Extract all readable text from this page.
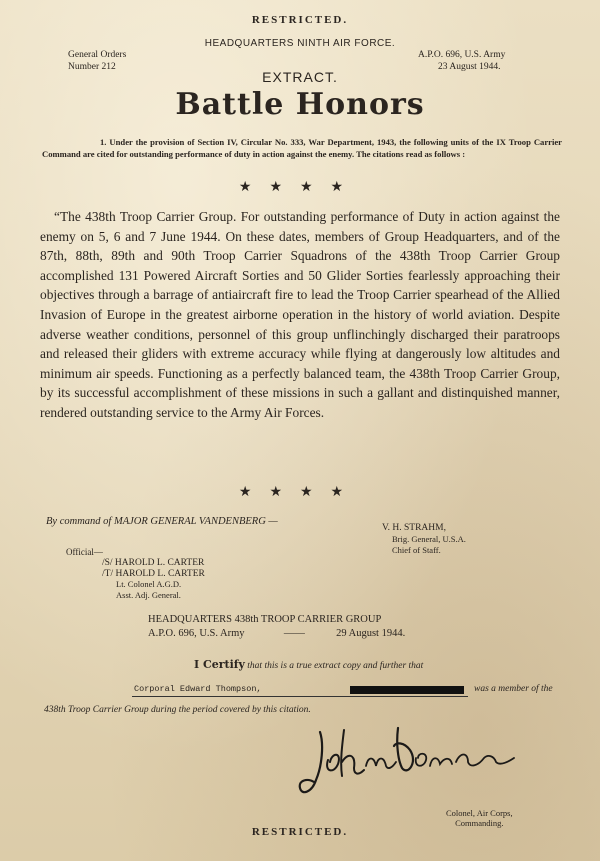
RESTRICTED.
HEADQUARTERS NINTH AIR FORCE.
General Orders
Number 212
A.P.O. 696, U.S. Army
23 August 1944.
EXTRACT.
Battle Honors
1. Under the provision of Section IV, Circular No. 333, War Department, 1943, the following units of the IX Troop Carrier Command are cited for outstanding performance of duty in action against the enemy. The citations read as follows :
★★★★
“The 438th Troop Carrier Group. For outstanding performance of Duty in action against the enemy on 5, 6 and 7 June 1944. On these dates, members of Group Headquarters, and of the 87th, 88th, 89th and 90th Troop Carrier Squadrons of the 438th Troop Carrier Group accomplished 131 Powered Aircraft Sorties and 50 Glider Sorties fearlessly approaching their objectives through a barrage of antiaircraft fire to lead the Troop Carrier spearhead of the Allied Invasion of Europe in the greatest airborne operation in the history of world aviation. Despite adverse weather conditions, personnel of this group unflinchingly discharged their paratroops and released their gliders with extreme accuracy while flying at dangerously low altitudes and minimum air speeds. Functioning as a perfectly balanced team, the 438th Troop Carrier Group, by its successful accomplishment of these missions in such a gallant and distinquished manner, rendered outstanding service to the Army Air Forces.
★★★★
By command of MAJOR GENERAL VANDENBERG —
V. H. STRAHM,
Brig. General, U.S.A.
Chief of Staff.
Official—
/S/ HAROLD L. CARTER
/T/ HAROLD L. CARTER
Lt. Colonel A.G.D.
Asst. Adj. General.
HEADQUARTERS 438th TROOP CARRIER GROUP
A.P.O. 696, U.S. Army	——	29 August 1944.
I Certify that this is a true extract copy and further that
Corporal Edward Thompson,	was a member of the
438th Troop Carrier Group during the period covered by this citation.
Colonel, Air Corps,
Commanding.
RESTRICTED.
